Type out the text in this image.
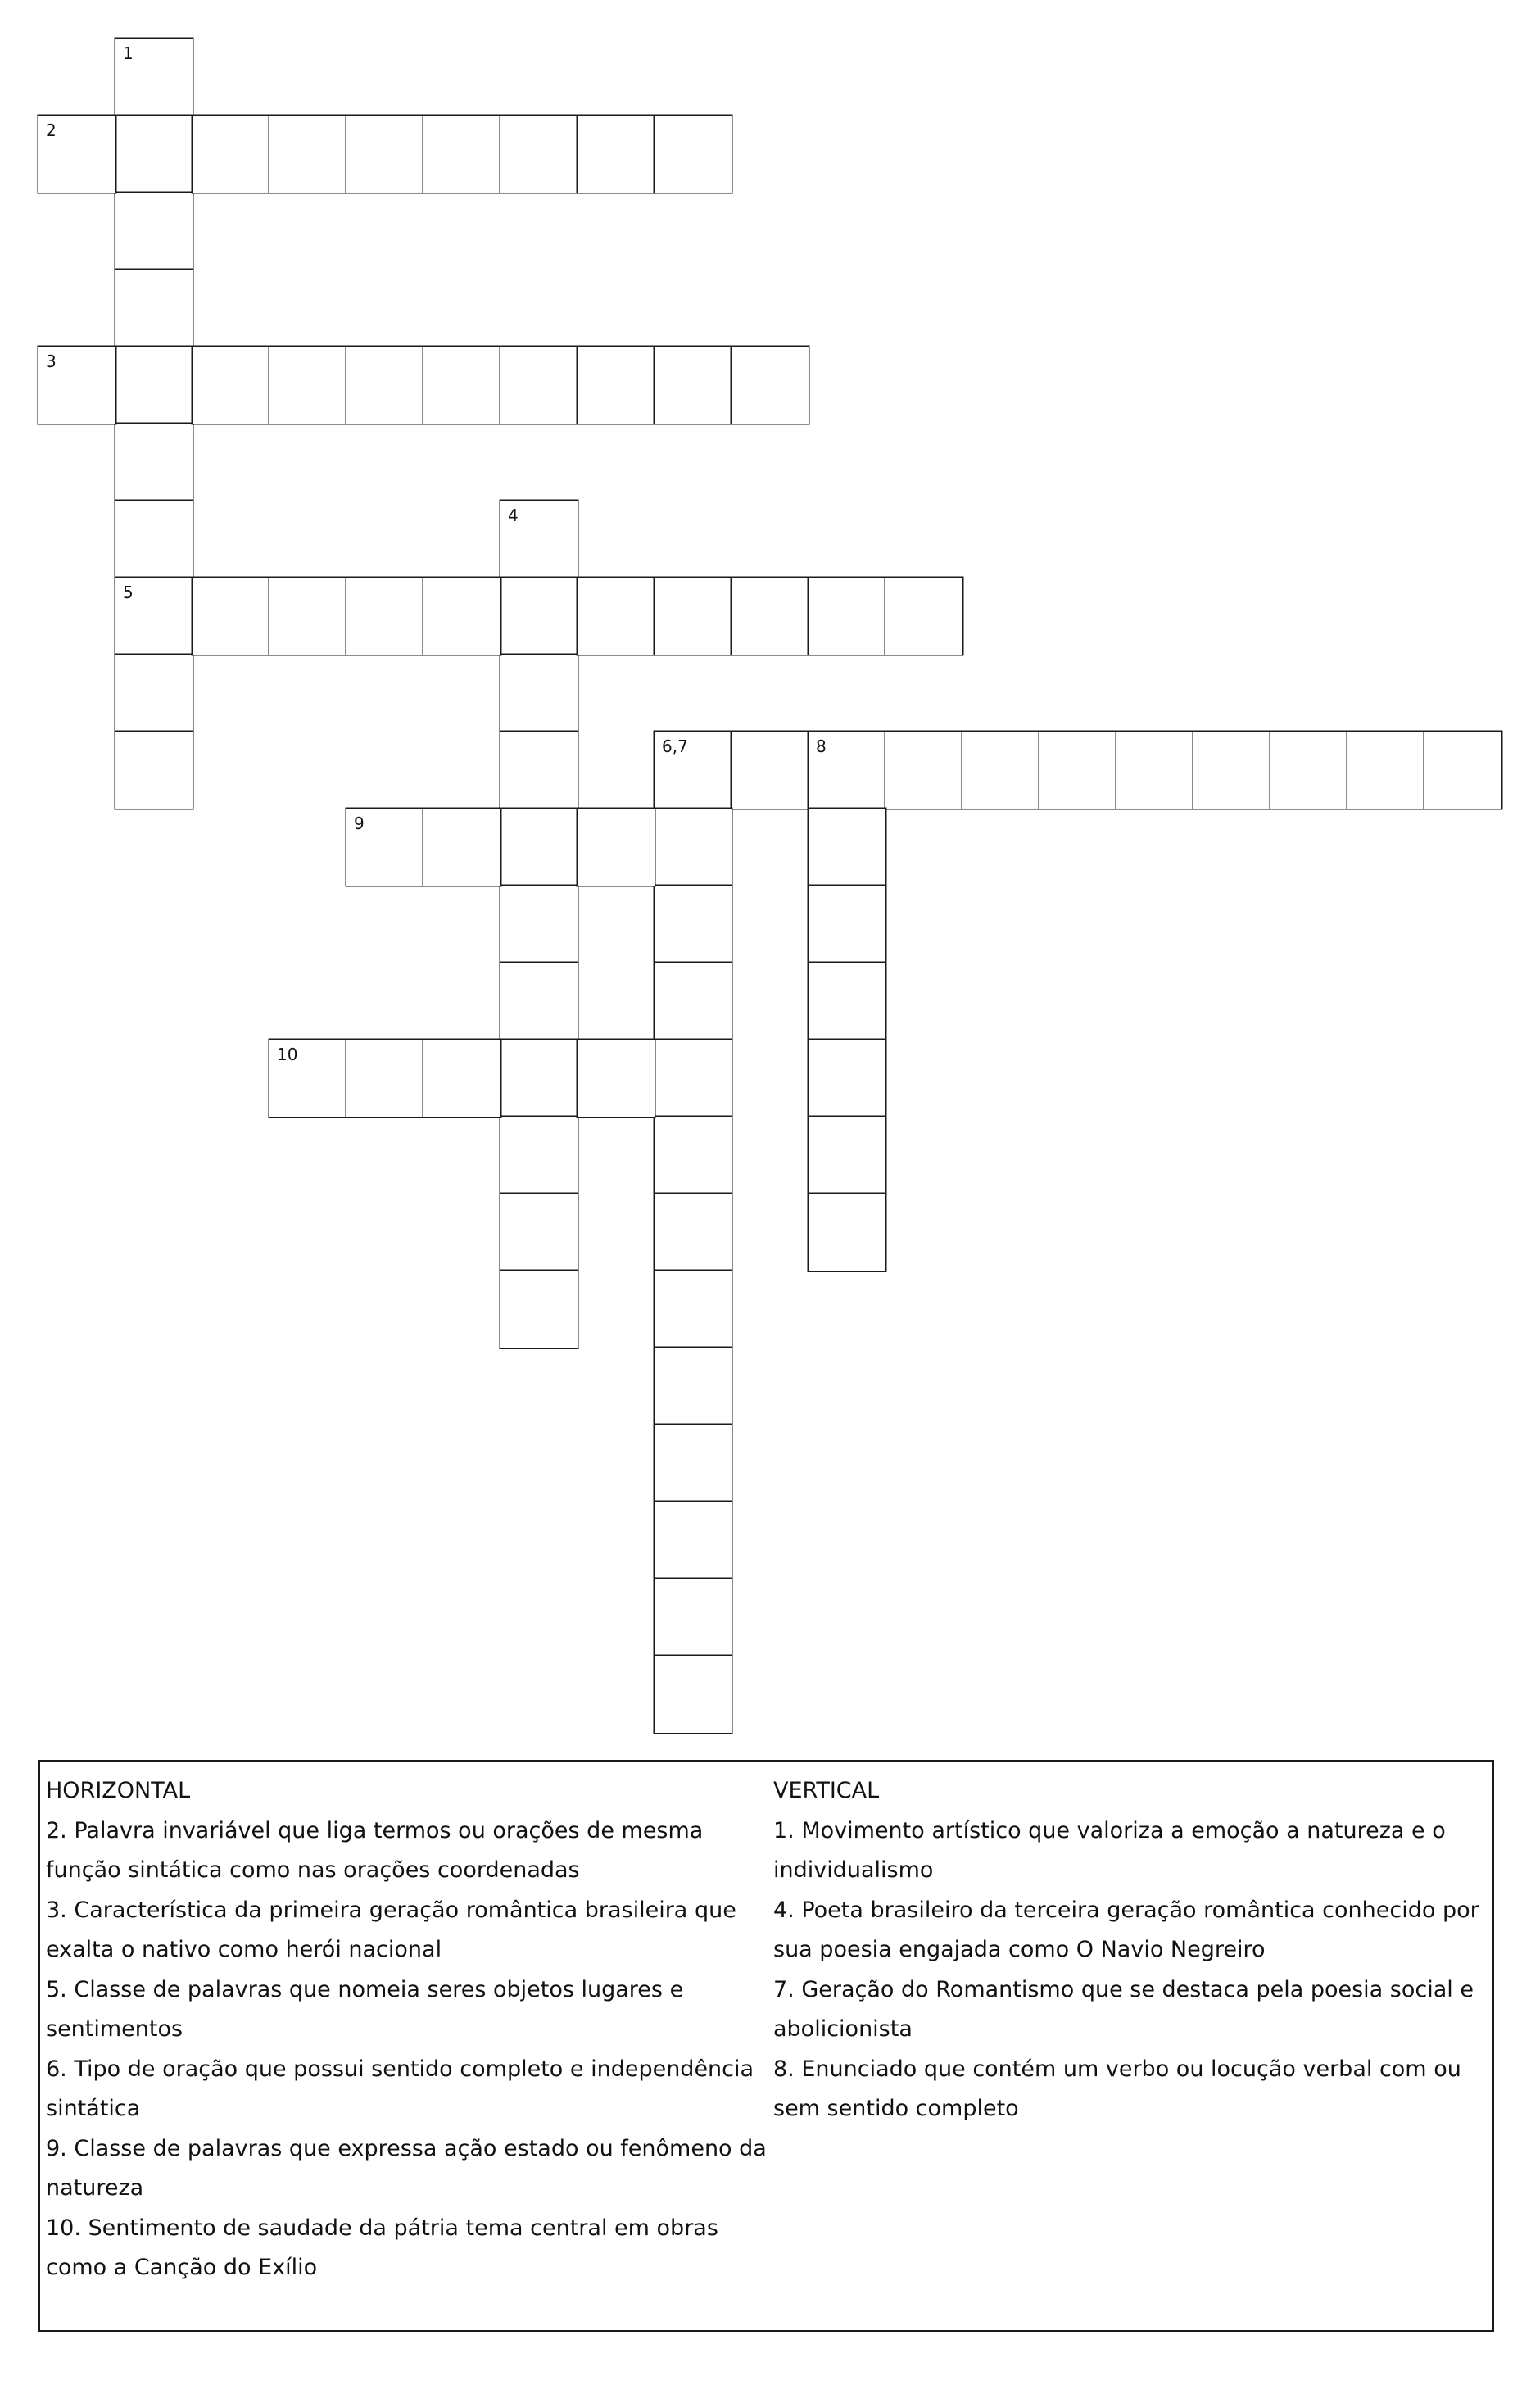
1
5
2
3
4
6,7	8
9
10
HORIZONTAL
2. Palavra invariável que liga termos ou orações de mesma função sintática como nas orações coordenadas
3. Característica da primeira geração romântica brasileira que exalta o nativo como herói nacional
5. Classe de palavras que nomeia seres objetos lugares e sentimentos
6. Tipo de oração que possui sentido completo e independência sintática
9. Classe de palavras que expressa ação estado ou fenômeno da natureza
10. Sentimento de saudade da pátria tema central em obras como a Canção do Exílio
VERTICAL
1. Movimento artístico que valoriza a emoção a natureza e o individualismo
4. Poeta brasileiro da terceira geração romântica conhecido por sua poesia engajada como O Navio Negreiro
7. Geração do Romantismo que se destaca pela poesia social e abolicionista
8. Enunciado que contém um verbo ou locução verbal com ou sem sentido completo
